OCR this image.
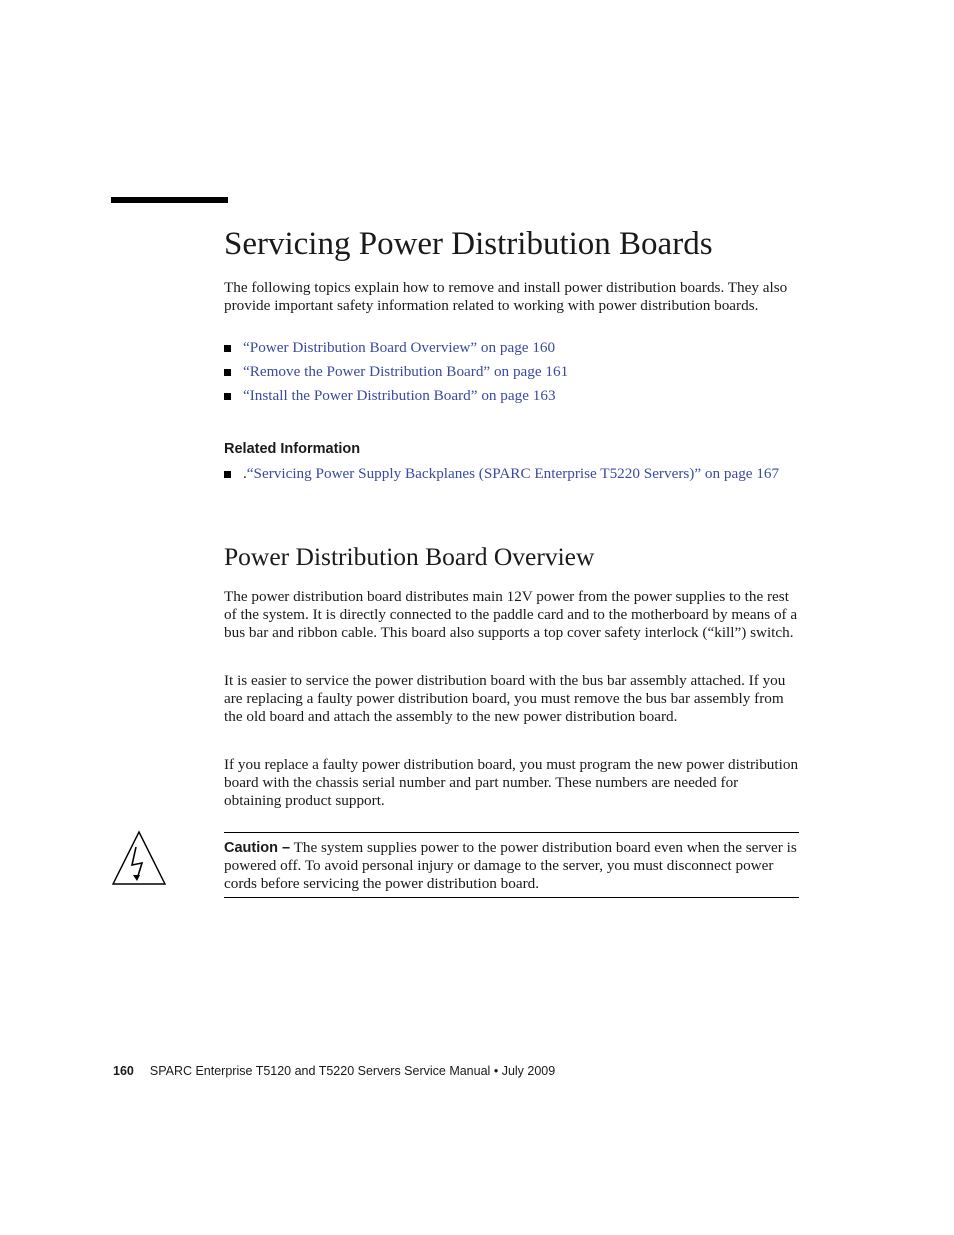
Servicing Power Distribution Boards

The following topics explain how to remove and install power distribution boards. They also provide important safety information related to working with power distribution boards.

“Power Distribution Board Overview” on page 160
“Remove the Power Distribution Board” on page 161
“Install the Power Distribution Board” on page 163
Related Information
.“Servicing Power Supply Backplanes (SPARC Enterprise T5220 Servers)” on page 167
Power Distribution Board Overview

The power distribution board distributes main 12V power from the power supplies to the rest of the system. It is directly connected to the paddle card and to the motherboard by means of a bus bar and ribbon cable. This board also supports a top cover safety interlock (“kill”) switch.

It is easier to service the power distribution board with the bus bar assembly attached. If you are replacing a faulty power distribution board, you must remove the bus bar assembly from the old board and attach the assembly to the new power distribution board.

If you replace a faulty power distribution board, you must program the new power distribution board with the chassis serial number and part number. These numbers are needed for obtaining product support.

Caution – The system supplies power to the power distribution board even when the server is powered off. To avoid personal injury or damage to the server, you must disconnect power cords before servicing the power distribution board.

160 SPARC Enterprise T5120 and T5220 Servers Service Manual • July 2009
